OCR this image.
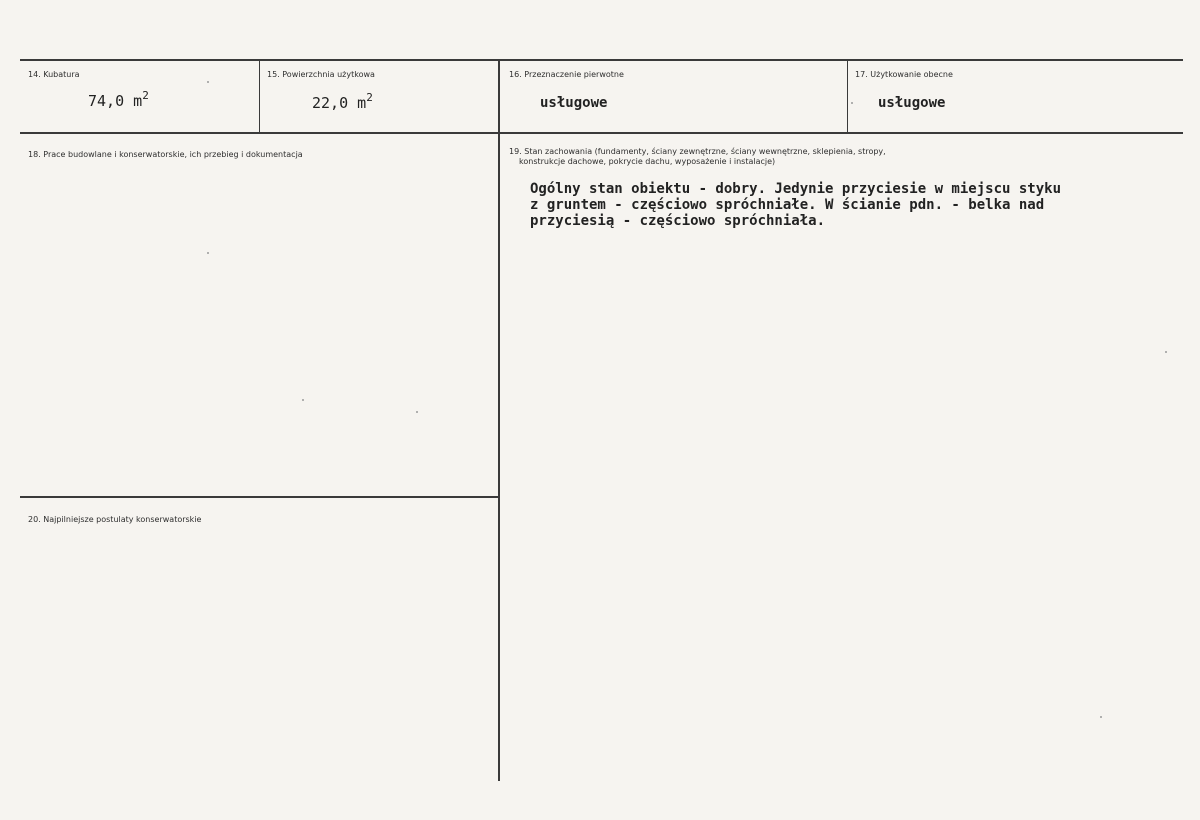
14. Kubatura
74,0 $m^2$
15. Powierzchnia użytkowa
22,0 $m^2$
16. Przeznaczenie pierwotne
usługowe
17. Użytkowanie obecne
usługowe
18. Prace budowlane i konserwatorskie, ich przebieg i dokumentacja	19. Stan zachowania (fundamenty, ściany zewnętrzne, ściany wewnętrzne, sklepienia, stropy,
konstrukcje dachowe, pokrycie dachu, wyposażenie i instalacje)
Ogólny stan obiektu - dobry. Jedynie przyciesie w miejscu styku
z gruntem - częściowo spróchniałe. W ścianie pdn. - belka nad
przyciesią - częściowo spróchniała.
20. Najpilniejsze postulaty konserwatorskie
